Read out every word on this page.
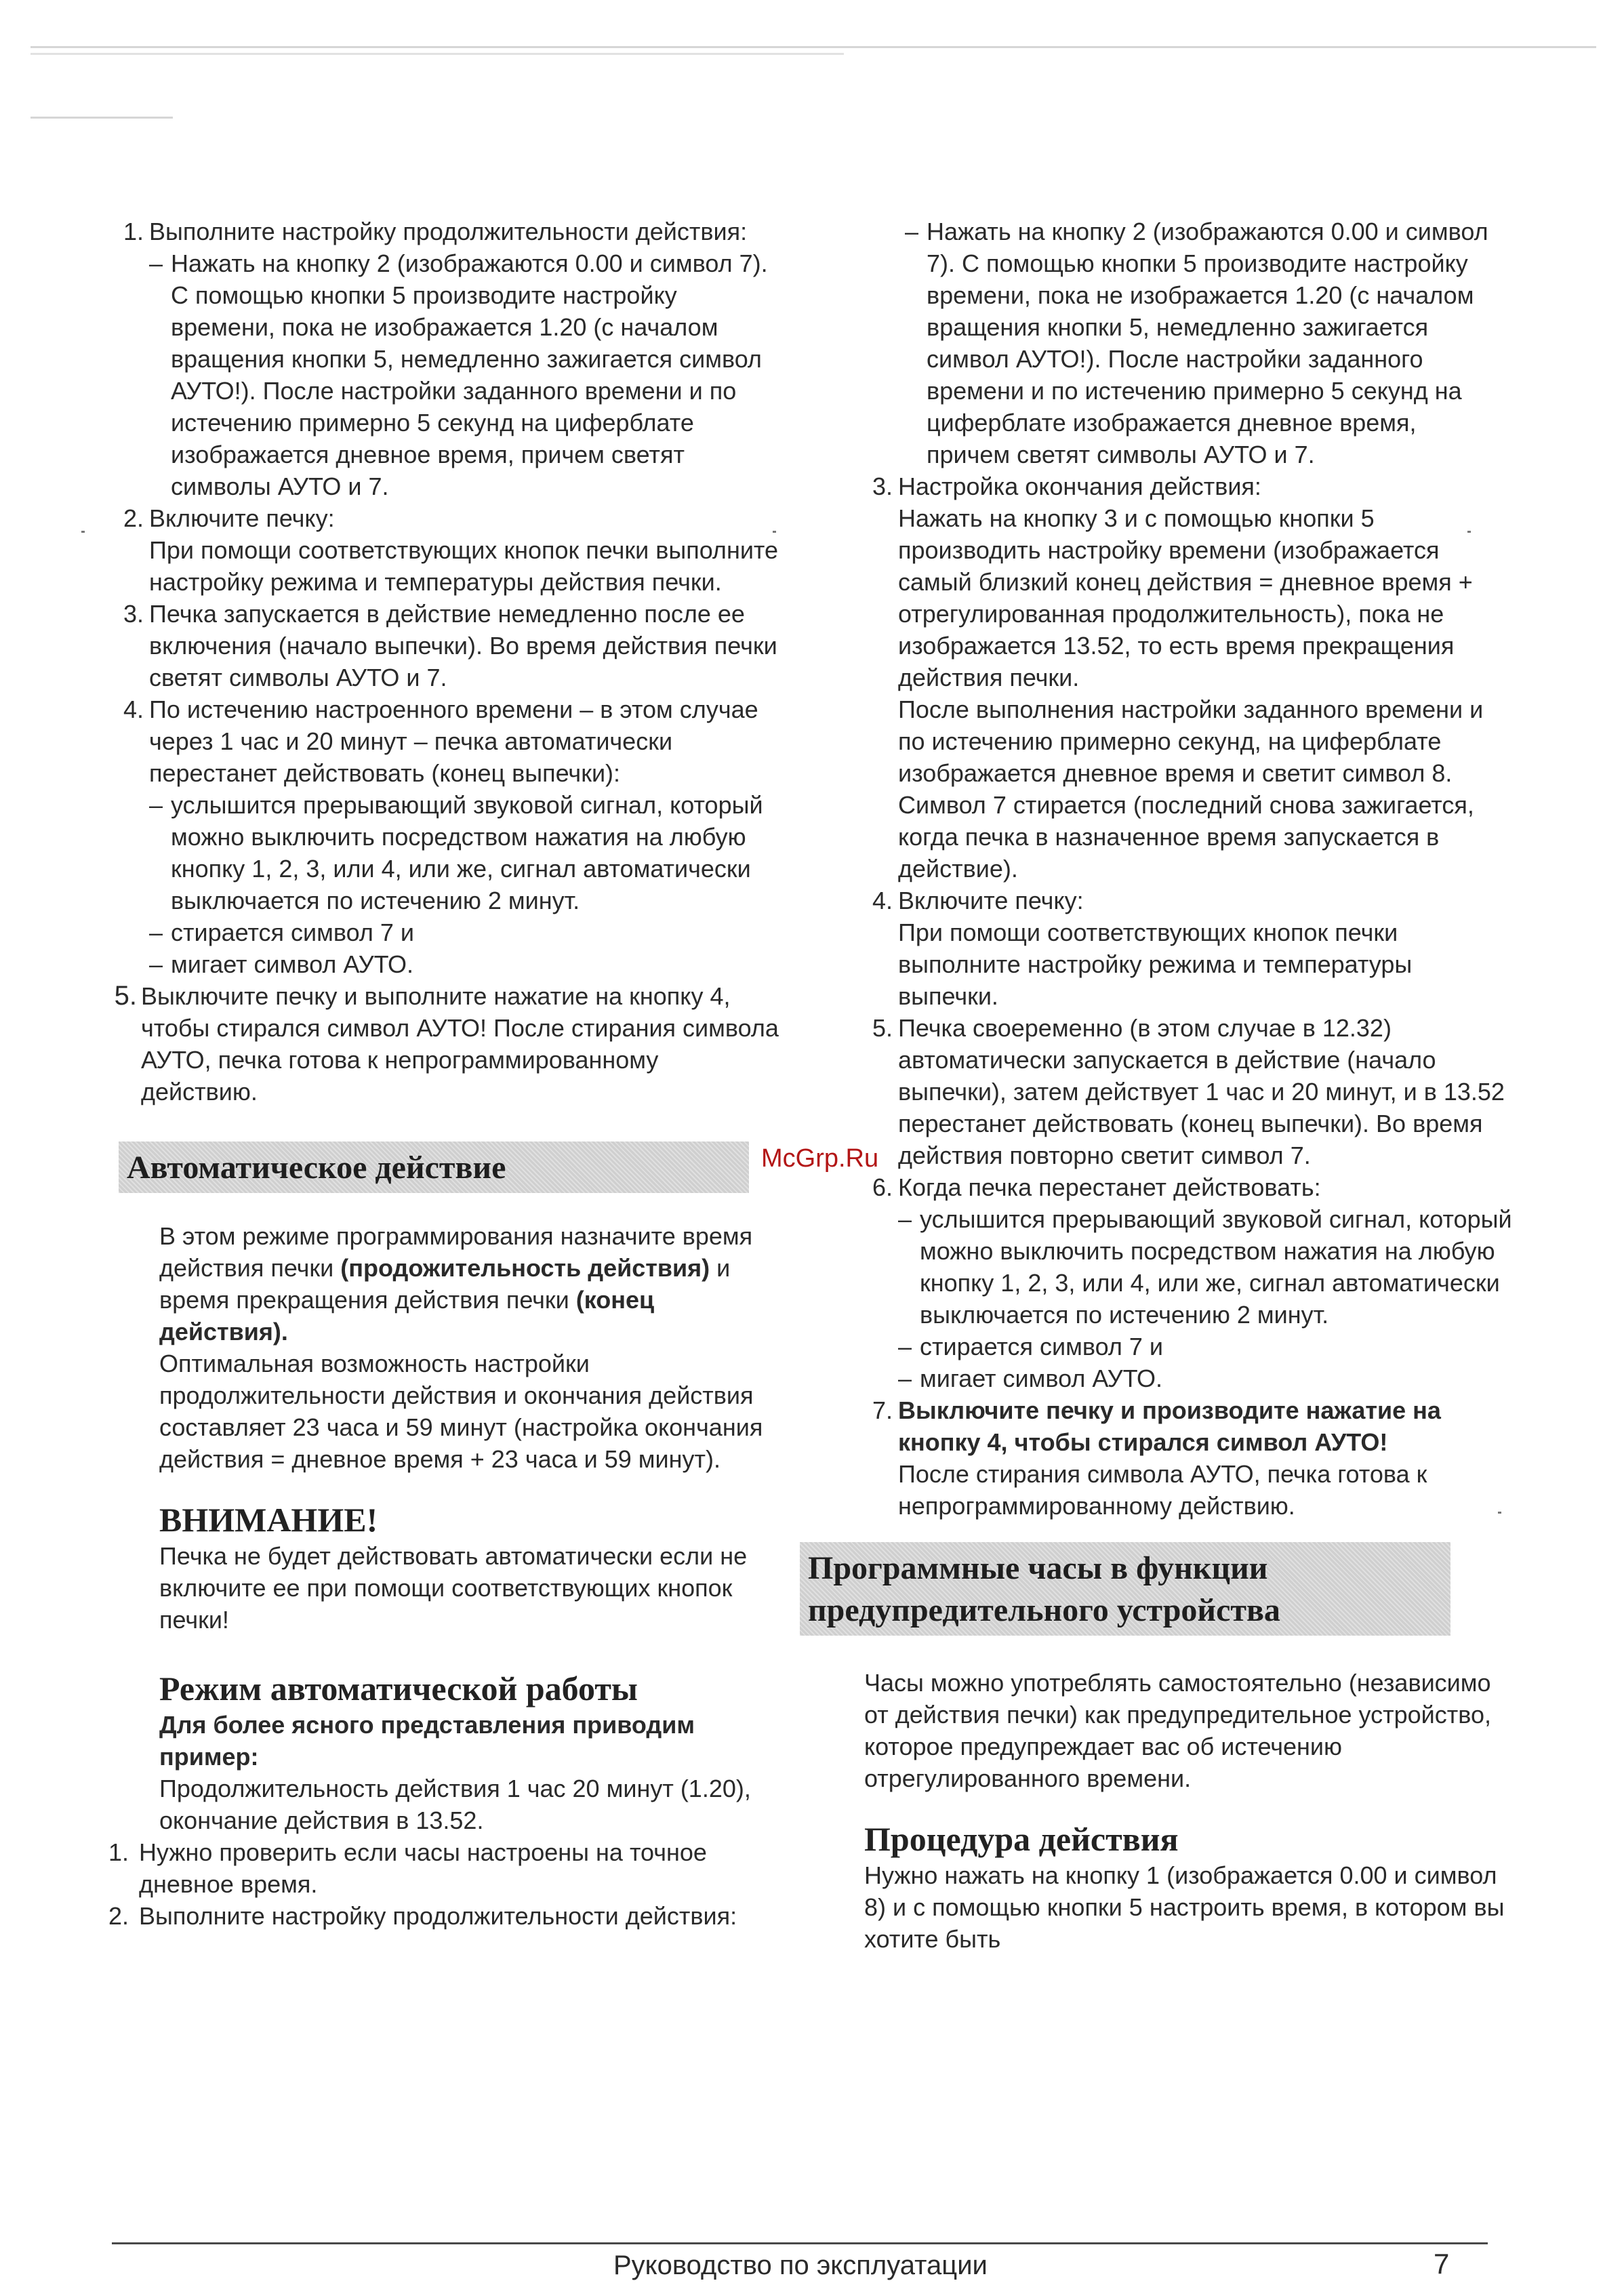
1. Выполните настройку продолжительности действия:
– Нажать на кнопку 2 (изображаются 0.00 и символ 7). С помощью кнопки 5 производите настройку времени, пока не изображается 1.20 (с началом вращения кнопки 5, немедленно зажигается символ АУТО!). После настройки заданного времени и по истечению примерно 5 секунд на циферблате изображается дневное время, причем светят символы АУТО и 7.
2. Включите печку:
При помощи соответствующих кнопок печки выполните настройку режима и температуры действия печки.
3. Печка запускается в действие немедленно после ее включения (начало выпечки). Во время действия печки светят символы АУТО и 7.
4. По истечению настроенного времени – в этом случае через 1 час и 20 минут – печка автоматически перестанет действовать (конец выпечки):
– услышится прерывающий звуковой сигнал, который можно выключить посредством нажатия на любую кнопку 1, 2, 3, или 4, или же, сигнал автоматически выключается по истечению 2 минут.
– стирается символ 7 и
– мигает символ АУТО.
5. Выключите печку и выполните нажатие на кнопку 4, чтобы стирался символ АУТО! После стирания символа АУТО, печка готова к непрограммированному действию.
Автоматическое действие
В этом режиме программирования назначите время действия печки (продожительность действия) и время прекращения действия печки (конец действия).
Оптимальная возможность настройки продолжительности действия и окончания действия составляет 23 часа и 59 минут (настройка окончания действия = дневное время + 23 часа и 59 минут).
ВНИМАНИЕ!
Печка не будет действовать автоматически если не включите ее при помощи соответствующих кнопок печки!
Режим автоматической работы
Для более ясного представления приводим пример:
Продолжительность действия 1 час 20 минут (1.20), окончание действия в 13.52.
1. Нужно проверить если часы настроены на точное дневное время.
2. Выполните настройку продолжительности действия:
– Нажать на кнопку 2 (изображаются 0.00 и символ 7). С помощью кнопки 5 производите настройку времени, пока не изображается 1.20 (с началом вращения кнопки 5, немедленно зажигается символ АУТО!). После настройки заданного времени и по истечению примерно 5 секунд на циферблате изображается дневное время, причем светят символы АУТО и 7.
3. Настройка окончания действия:
Нажать на кнопку 3 и с помощью кнопки 5 производить настройку времени (изображается самый близкий конец действия = дневное время + отрегулированная продолжительность), пока не изображается 13.52, то есть время прекращения действия печки.
После выполнения настройки заданного времени и по истечению примерно секунд, на циферблате изображается дневное время и светит символ 8.
Символ 7 стирается (последний снова зажигается, когда печка в назначенное время запускается в действие).
4. Включите печку:
При помощи соответствующих кнопок печки выполните настройку режима и температуры выпечки.
5. Печка своеременно (в этом случае в 12.32) автоматически запускается в действие (начало выпечки), затем действует 1 час и 20 минут, и в 13.52 перестанет действовать (конец выпечки). Во время действия повторно светит символ 7.
6. Когда печка перестанет действовать:
– услышится прерывающий звуковой сигнал, который можно выключить посредством нажатия на любую кнопку 1, 2, 3, или 4, или же, сигнал автоматически выключается по истечению 2 минут.
– стирается символ 7 и
– мигает символ АУТО.
7. Выключите печку и производите нажатие на кнопку 4, чтобы стирался символ АУТО!
После стирания символа АУТО, печка готова к непрограммированному действию.
Программные часы в функции
предупредительного устройства
Часы можно употреблять самостоятельно (независимо от действия печки) как предупредительное устройство, которое предупреждает вас об истечению отрегулированного времени.
Процедура действия
Нужно нажать на кнопку 1 (изображается 0.00 и символ 8) и с помощью кнопки 5 настроить время, в котором вы хотите быть
McGrp.Ru
Руководство по эксплуатации	7
